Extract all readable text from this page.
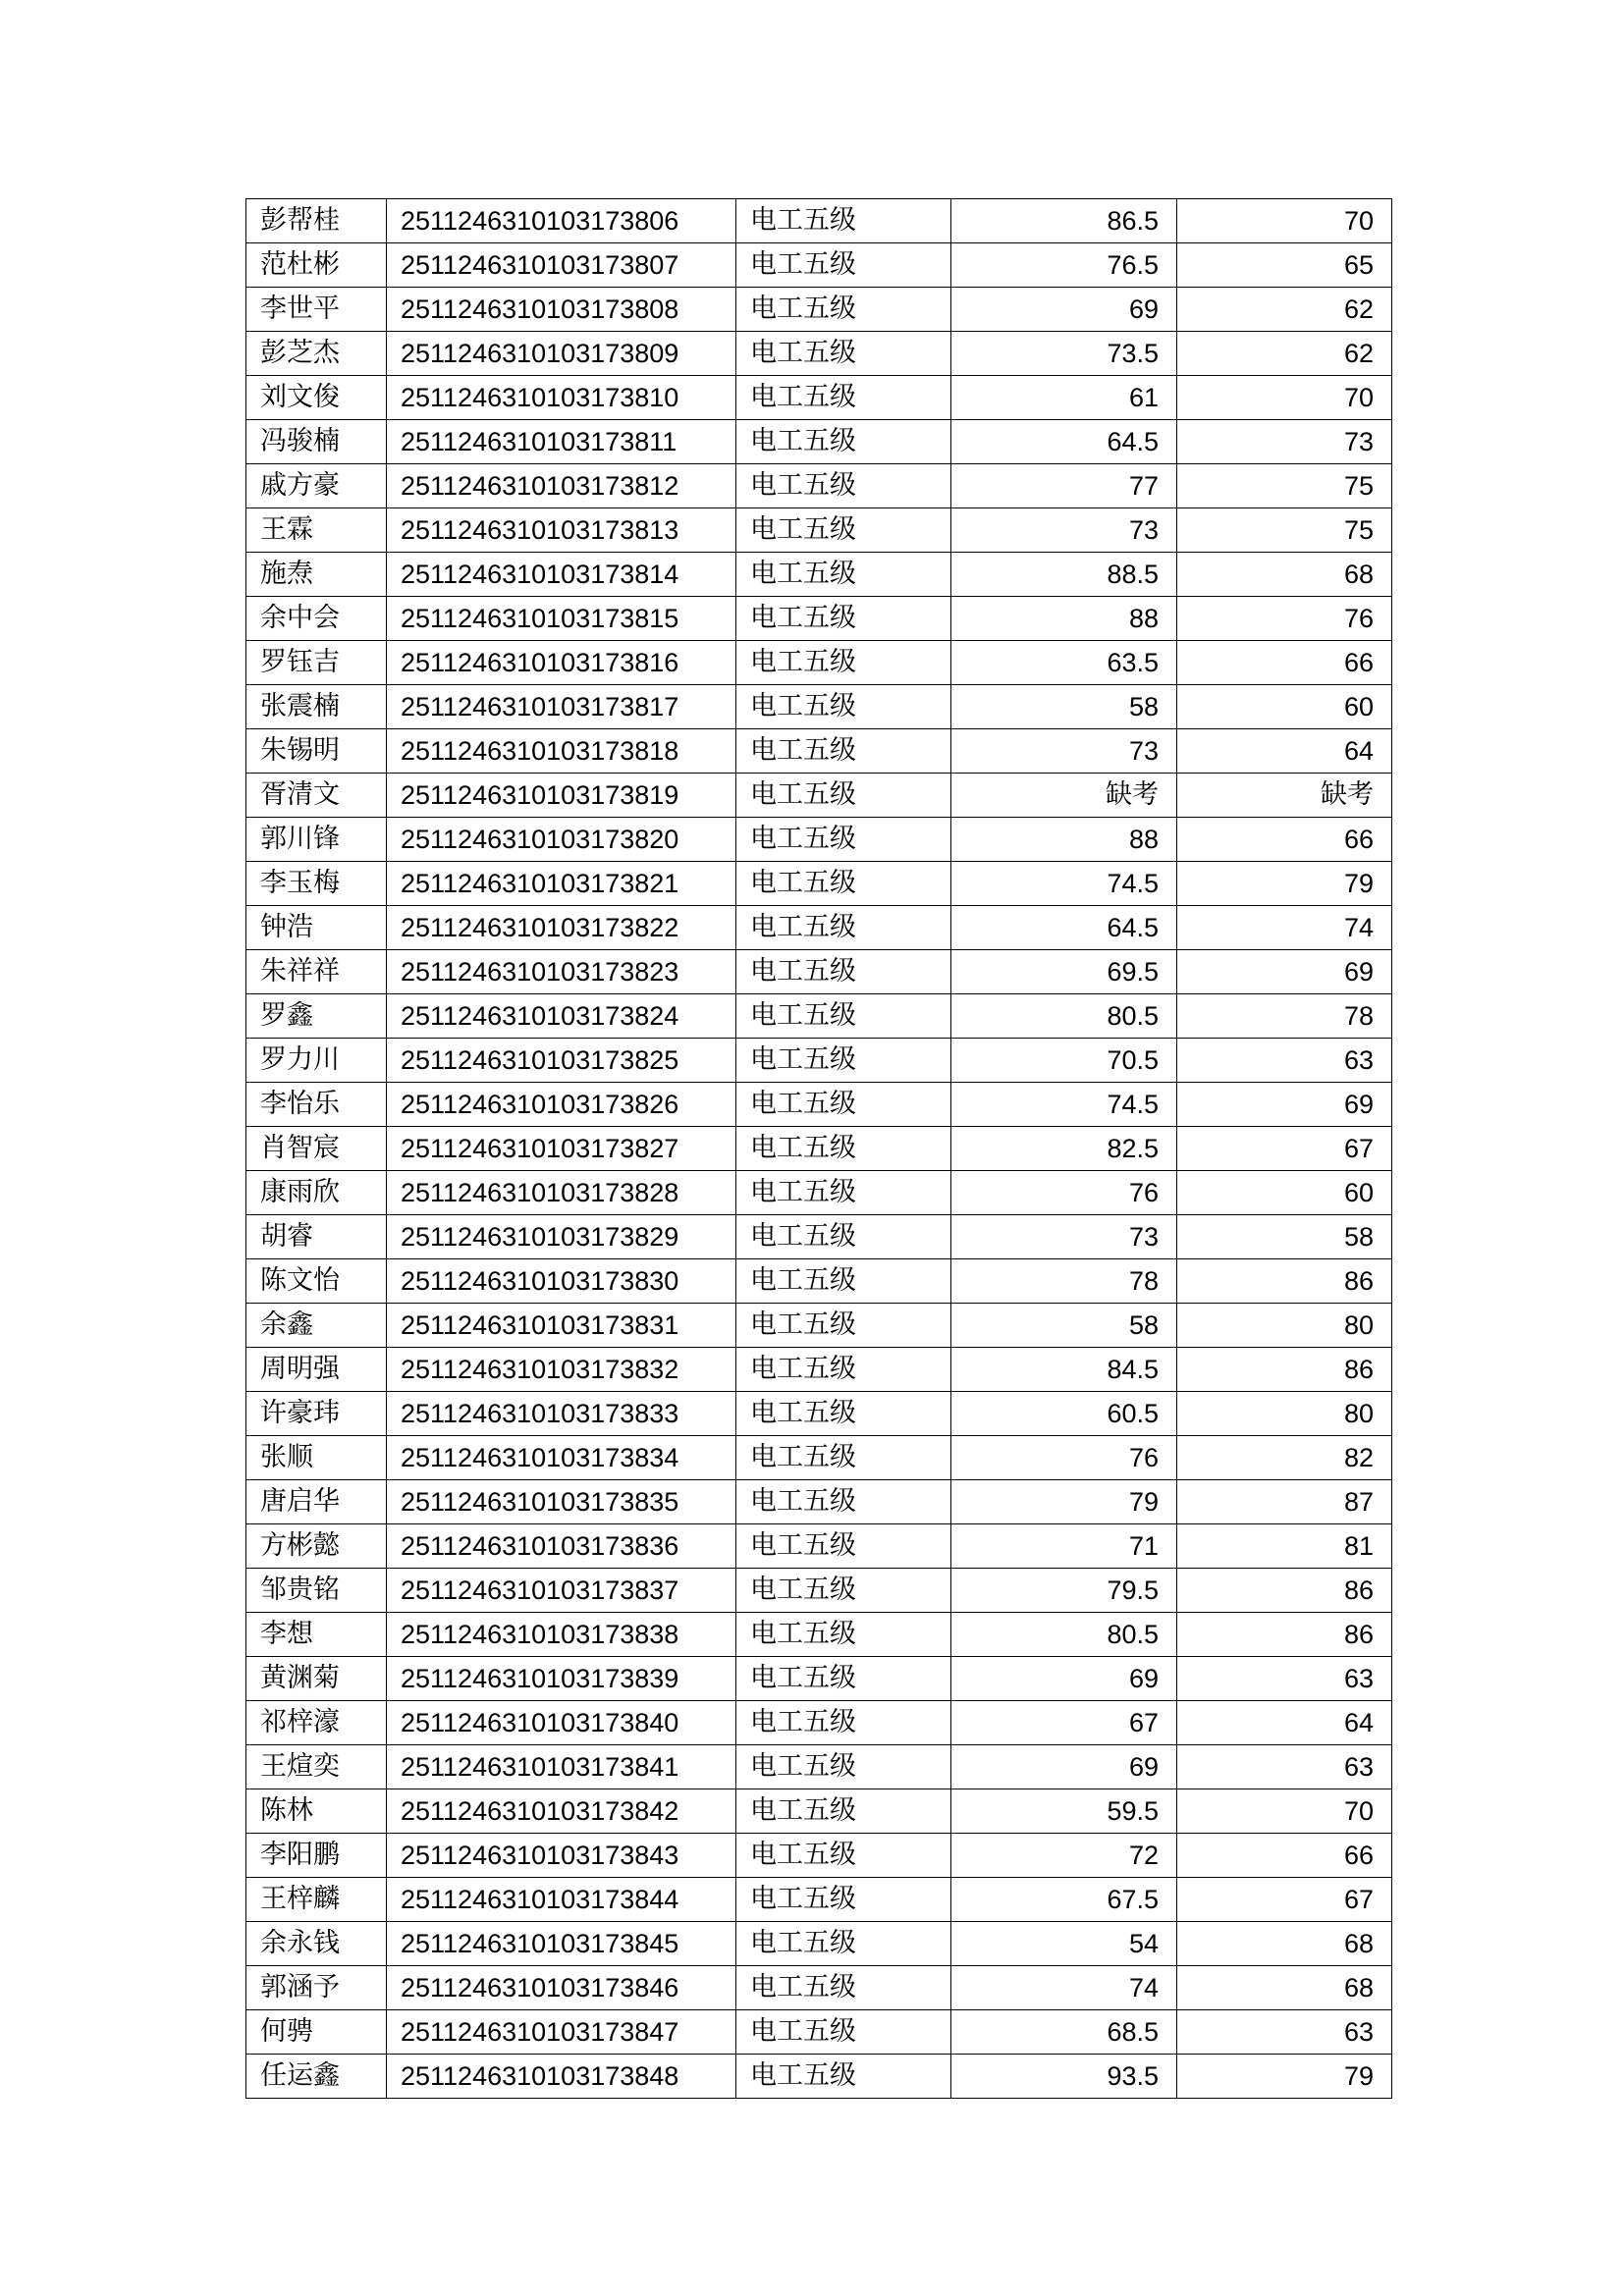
彭帮桂	2511246310103173806	电工五级	86.5	70
范杜彬	2511246310103173807	电工五级	76.5	65
李世平	2511246310103173808	电工五级	69	62
彭芝杰	2511246310103173809	电工五级	73.5	62
刘文俊	2511246310103173810	电工五级	61	70
冯骏楠	2511246310103173811	电工五级	64.5	73
戚方豪	2511246310103173812	电工五级	77	75
王霖	2511246310103173813	电工五级	73	75
施焘	2511246310103173814	电工五级	88.5	68
余中会	2511246310103173815	电工五级	88	76
罗钰吉	2511246310103173816	电工五级	63.5	66
张震楠	2511246310103173817	电工五级	58	60
朱锡明	2511246310103173818	电工五级	73	64
胥清文	2511246310103173819	电工五级	缺考	缺考
郭川锋	2511246310103173820	电工五级	88	66
李玉梅	2511246310103173821	电工五级	74.5	79
钟浩	2511246310103173822	电工五级	64.5	74
朱祥祥	2511246310103173823	电工五级	69.5	69
罗鑫	2511246310103173824	电工五级	80.5	78
罗力川	2511246310103173825	电工五级	70.5	63
李怡乐	2511246310103173826	电工五级	74.5	69
肖智宸	2511246310103173827	电工五级	82.5	67
康雨欣	2511246310103173828	电工五级	76	60
胡睿	2511246310103173829	电工五级	73	58
陈文怡	2511246310103173830	电工五级	78	86
余鑫	2511246310103173831	电工五级	58	80
周明强	2511246310103173832	电工五级	84.5	86
许豪玮	2511246310103173833	电工五级	60.5	80
张顺	2511246310103173834	电工五级	76	82
唐启华	2511246310103173835	电工五级	79	87
方彬懿	2511246310103173836	电工五级	71	81
邹贵铭	2511246310103173837	电工五级	79.5	86
李想	2511246310103173838	电工五级	80.5	86
黄渊菊	2511246310103173839	电工五级	69	63
祁梓濠	2511246310103173840	电工五级	67	64
王煊奕	2511246310103173841	电工五级	69	63
陈林	2511246310103173842	电工五级	59.5	70
李阳鹏	2511246310103173843	电工五级	72	66
王梓麟	2511246310103173844	电工五级	67.5	67
余永钱	2511246310103173845	电工五级	54	68
郭涵予	2511246310103173846	电工五级	74	68
何骋	2511246310103173847	电工五级	68.5	63
任运鑫	2511246310103173848	电工五级	93.5	79
